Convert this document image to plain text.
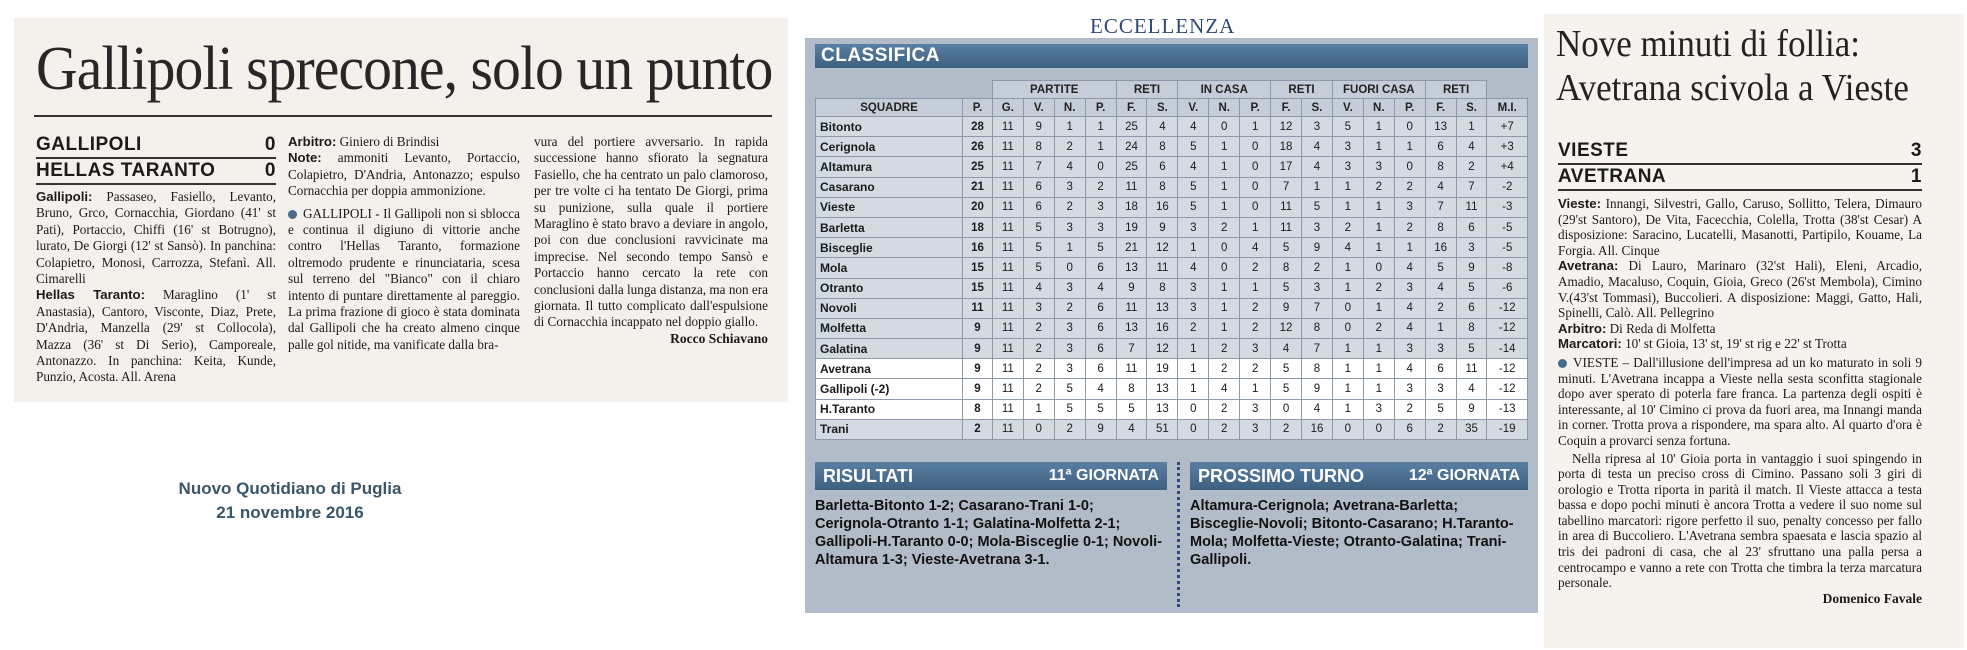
Gallipoli sprecone, solo un punto
GALLIPOLI	0
HELLAS TARANTO	0
Gallipoli: Passaseo, Fasiello, Levanto, Bruno, Grco, Cornacchia, Giordano (41' st Pati), Portaccio, Chiffi (16' st Botrugno), lurato, De Giorgi (12' st Sansò). In panchina: Colapietro, Monosi, Carrozza, Stefanì. All. Cimarelli
Hellas Taranto: Maraglino (1' st Anastasia), Cantoro, Visconte, Diaz, Prete, D'Andria, Manzella (29' st Collocola), Mazza (36' st Di Serio), Camporeale, Antonazzo. In panchina: Keita, Kunde, Punzio, Acosta. All. Arena
Arbitro: Giniero di Brindisi
Note: ammoniti Levanto, Portaccio, Colapietro, D'Andria, Antonazzo; espulso Cornacchia per doppia ammonizione.
GALLIPOLI - Il Gallipoli non si sblocca e continua il digiuno di vittorie anche contro l'Hellas Taranto, formazione oltremodo prudente e rinunciataria, scesa sul terreno del "Bianco" con il chiaro intento di puntare direttamente al pareggio. La prima frazione di gioco è stata dominata dal Gallipoli che ha creato almeno cinque palle gol nitide, ma vanificate dalla bra-
vura del portiere avversario. In rapida successione hanno sfiorato la segnatura Fasiello, che ha centrato un palo clamoroso, per tre volte ci ha tentato De Giorgi, prima su punizione, sulla quale il portiere Maraglino è stato bravo a deviare in angolo, poi con due conclusioni ravvicinate ma imprecise. Nel secondo tempo Sansò e Portaccio hanno cercato la rete con conclusioni dalla lunga distanza, ma non era giornata. Il tutto complicato dall'espulsione di Cornacchia incappato nel doppio giallo.
Rocco Schiavano
Nuovo Quotidiano di Puglia
21 novembre 2016
ECCELLENZA
CLASSIFICA
		PARTITE				RETI		IN CASA			RETI		FUORI CASA			RETI		
SQUADRE	P.	G.	V.	N.	P.	F.	S.	V.	N.	P.	F.	S.	V.	N.	P.	F.	S.	M.I.
Bitonto	28	11	9	1	1	25	4	4	0	1	12	3	5	1	0	13	1	+7
Cerignola	26	11	8	2	1	24	8	5	1	0	18	4	3	1	1	6	4	+3
Altamura	25	11	7	4	0	25	6	4	1	0	17	4	3	3	0	8	2	+4
Casarano	21	11	6	3	2	11	8	5	1	0	7	1	1	2	2	4	7	-2
Vieste	20	11	6	2	3	18	16	5	1	0	11	5	1	1	3	7	11	-3
Barletta	18	11	5	3	3	19	9	3	2	1	11	3	2	1	2	8	6	-5
Bisceglie	16	11	5	1	5	21	12	1	0	4	5	9	4	1	1	16	3	-5
Mola	15	11	5	0	6	13	11	4	0	2	8	2	1	0	4	5	9	-8
Otranto	15	11	4	3	4	9	8	3	1	1	5	3	1	2	3	4	5	-6
Novoli	11	11	3	2	6	11	13	3	1	2	9	7	0	1	4	2	6	-12
Molfetta	9	11	2	3	6	13	16	2	1	2	12	8	0	2	4	1	8	-12
Galatina	9	11	2	3	6	7	12	1	2	3	4	7	1	1	3	3	5	-14
Avetrana	9	11	2	3	6	11	19	1	2	2	5	8	1	1	4	6	11	-12
Gallipoli (-2)	9	11	2	5	4	8	13	1	4	1	5	9	1	1	3	3	4	-12
H.Taranto	8	11	1	5	5	5	13	0	2	3	0	4	1	3	2	5	9	-13
Trani	2	11	0	2	9	4	51	0	2	3	2	16	0	0	6	2	35	-19
RISULTATI	11ª GIORNATA
Barletta-Bitonto 1-2; Casarano-Trani 1-0; Cerignola-Otranto 1-1; Galatina-Molfetta 2-1; Gallipoli-H.Taranto 0-0; Mola-Bisceglie 0-1; Novoli-Altamura 1-3; Vieste-Avetrana 3-1.
PROSSIMO TURNO	12ª GIORNATA
Altamura-Cerignola; Avetrana-Barletta; Bisceglie-Novoli; Bitonto-Casarano; H.Taranto-Mola; Molfetta-Vieste; Otranto-Galatina; Trani-Gallipoli.
Nove minuti di follia:
Avetrana scivola a Vieste
VIESTE	3
AVETRANA	1
Vieste: Innangi, Silvestri, Gallo, Caruso, Sollitto, Telera, Dimauro (29'st Santoro), De Vita, Facecchia, Colella, Trotta (38'st Cesar) A disposizione: Saracino, Lucatelli, Masanotti, Partipilo, Kouame, La Forgia. All. Cinque
Avetrana: Di Lauro, Marinaro (32'st Hali), Eleni, Arcadio, Amadio, Macaluso, Coquin, Gioia, Greco (26'st Membola), Cimino V.(43'st Tommasi), Buccolieri. A disposizione: Maggi, Gatto, Hali, Spinelli, Calò. All. Pellegrino
Arbitro: Di Reda di Molfetta
Marcatori: 10' st Gioia, 13' st, 19' st rig e 22' st Trotta
VIESTE – Dall'illusione dell'impresa ad un ko maturato in soli 9 minuti. L'Avetrana incappa a Vieste nella sesta sconfitta stagionale dopo aver sperato di poterla fare franca. La partenza degli ospiti è interessante, al 10' Cimino ci prova da fuori area, ma Innangi manda in corner. Trotta prova a rispondere, ma spara alto. Al quarto d'ora è Coquin a provarci senza fortuna.
Nella ripresa al 10' Gioia porta in vantaggio i suoi spingendo in porta di testa un preciso cross di Cimino. Passano soli 3 giri di orologio e Trotta riporta in parità il match. Il Vieste attacca a testa bassa e dopo pochi minuti è ancora Trotta a vedere il suo nome sul tabellino marcatori: rigore perfetto il suo, penalty concesso per fallo in area di Buccoliero. L'Avetrana sembra spaesata e lascia spazio al tris dei padroni di casa, che al 23' sfruttano una palla persa a centrocampo e vanno a rete con Trotta che timbra la terza marcatura personale.
Domenico Favale
